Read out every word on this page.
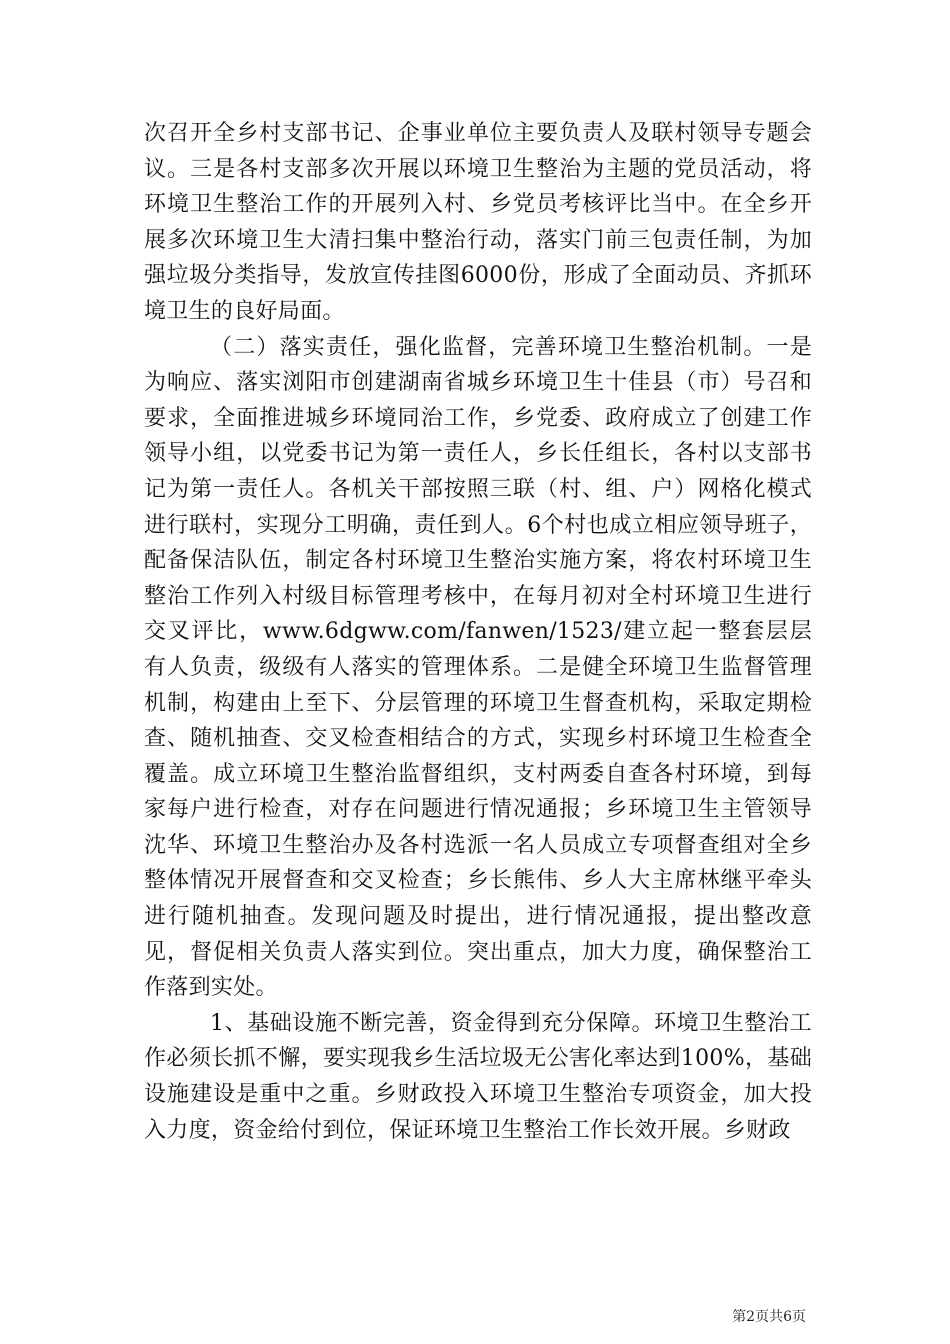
次召开全乡村支部书记、企事业单位主要负责人及联村领导专题会议。三是各村支部多次开展以环境卫生整治为主题的党员活动，将环境卫生整治工作的开展列入村、乡党员考核评比当中。在全乡开展多次环境卫生大清扫集中整治行动，落实门前三包责任制，为加强垃圾分类指导，发放宣传挂图6000份，形成了全面动员、齐抓环境卫生的良好局面。

（二）落实责任，强化监督，完善环境卫生整治机制。一是为响应、落实浏阳市创建湖南省城乡环境卫生十佳县（市）号召和要求，全面推进城乡环境同治工作，乡党委、政府成立了创建工作领导小组，以党委书记为第一责任人，乡长任组长，各村以支部书记为第一责任人。各机关干部按照三联（村、组、户）网格化模式进行联村，实现分工明确，责任到人。6个村也成立相应领导班子，配备保洁队伍，制定各村环境卫生整治实施方案，将农村环境卫生整治工作列入村级目标管理考核中，在每月初对全村环境卫生进行交叉评比，www.6dgww.com/fanwen/1523/建立起一整套层层有人负责，级级有人落实的管理体系。二是健全环境卫生监督管理机制，构建由上至下、分层管理的环境卫生督查机构，采取定期检查、随机抽查、交叉检查相结合的方式，实现乡村环境卫生检查全覆盖。成立环境卫生整治监督组织，支村两委自查各村环境，到每家每户进行检查，对存在问题进行情况通报；乡环境卫生主管领导沈华、环境卫生整治办及各村选派一名人员成立专项督查组对全乡整体情况开展督查和交叉检查；乡长熊伟、乡人大主席林继平牵头进行随机抽查。发现问题及时提出，进行情况通报，提出整改意见，督促相关负责人落实到位。突出重点，加大力度，确保整治工作落到实处。

1、基础设施不断完善，资金得到充分保障。环境卫生整治工作必须长抓不懈，要实现我乡生活垃圾无公害化率达到100%，基础设施建设是重中之重。乡财政投入环境卫生整治专项资金，加大投入力度，资金给付到位，保证环境卫生整治工作长效开展。乡财政

第2页共6页
